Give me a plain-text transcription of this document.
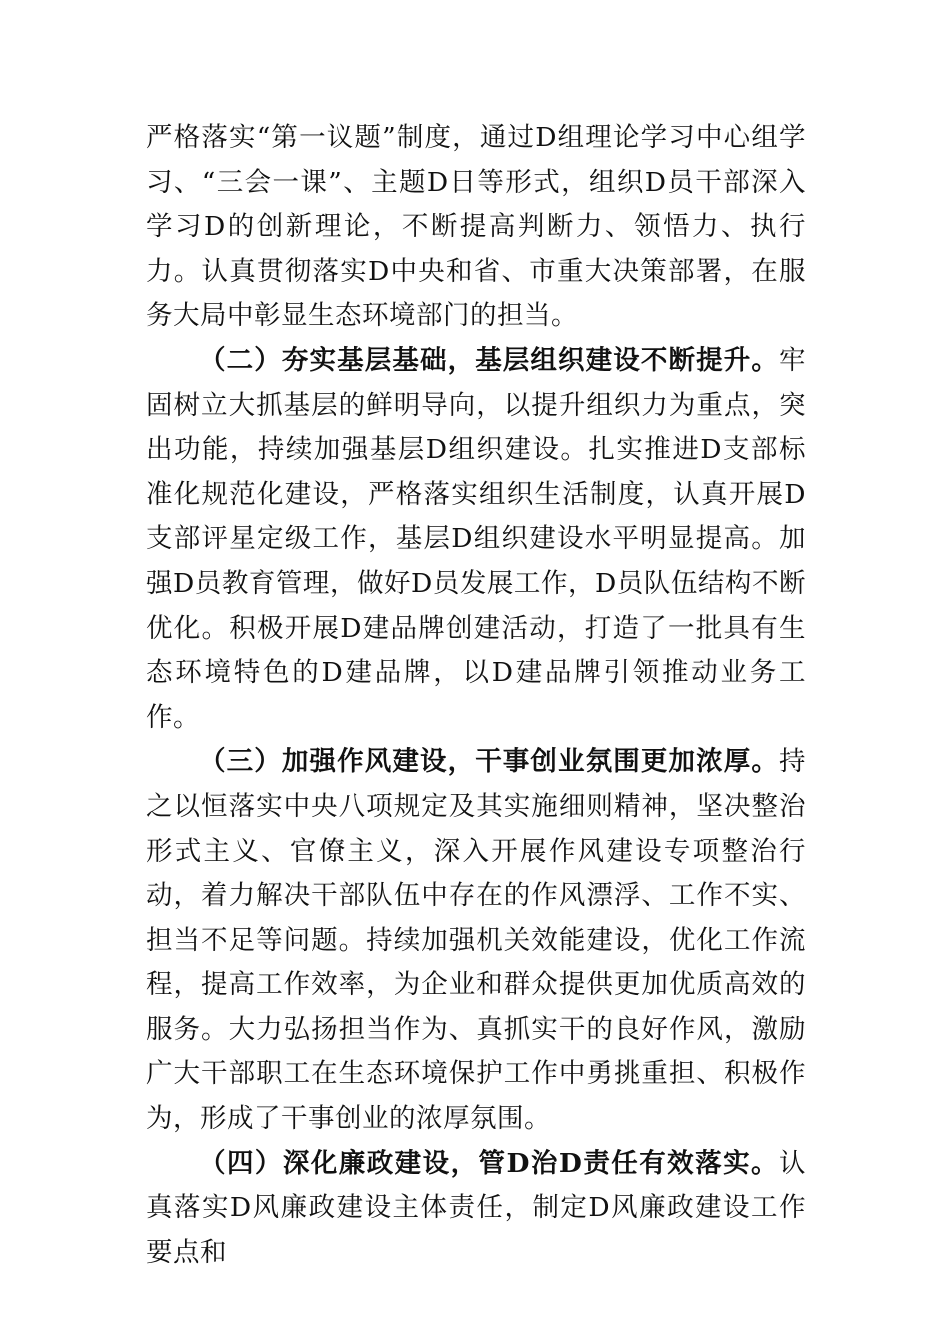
严格落实“第一议题”制度，通过D组理论学习中心组学习、“三会一课”、主题D日等形式，组织D员干部深入学习D的创新理论，不断提高判断力、领悟力、执行力。认真贯彻落实D中央和省、市重大决策部署，在服务大局中彰显生态环境部门的担当。

（二）夯实基层基础，基层组织建设不断提升。牢固树立大抓基层的鲜明导向，以提升组织力为重点，突出功能，持续加强基层D组织建设。扎实推进D支部标准化规范化建设，严格落实组织生活制度，认真开展D支部评星定级工作，基层D组织建设水平明显提高。加强D员教育管理，做好D员发展工作，D员队伍结构不断优化。积极开展D建品牌创建活动，打造了一批具有生态环境特色的D建品牌，以D建品牌引领推动业务工作。

（三）加强作风建设，干事创业氛围更加浓厚。持之以恒落实中央八项规定及其实施细则精神，坚决整治形式主义、官僚主义，深入开展作风建设专项整治行动，着力解决干部队伍中存在的作风漂浮、工作不实、担当不足等问题。持续加强机关效能建设，优化工作流程，提高工作效率，为企业和群众提供更加优质高效的服务。大力弘扬担当作为、真抓实干的良好作风，激励广大干部职工在生态环境保护工作中勇挑重担、积极作为，形成了干事创业的浓厚氛围。

（四）深化廉政建设，管D治D责任有效落实。认真落实D风廉政建设主体责任，制定D风廉政建设工作要点和
